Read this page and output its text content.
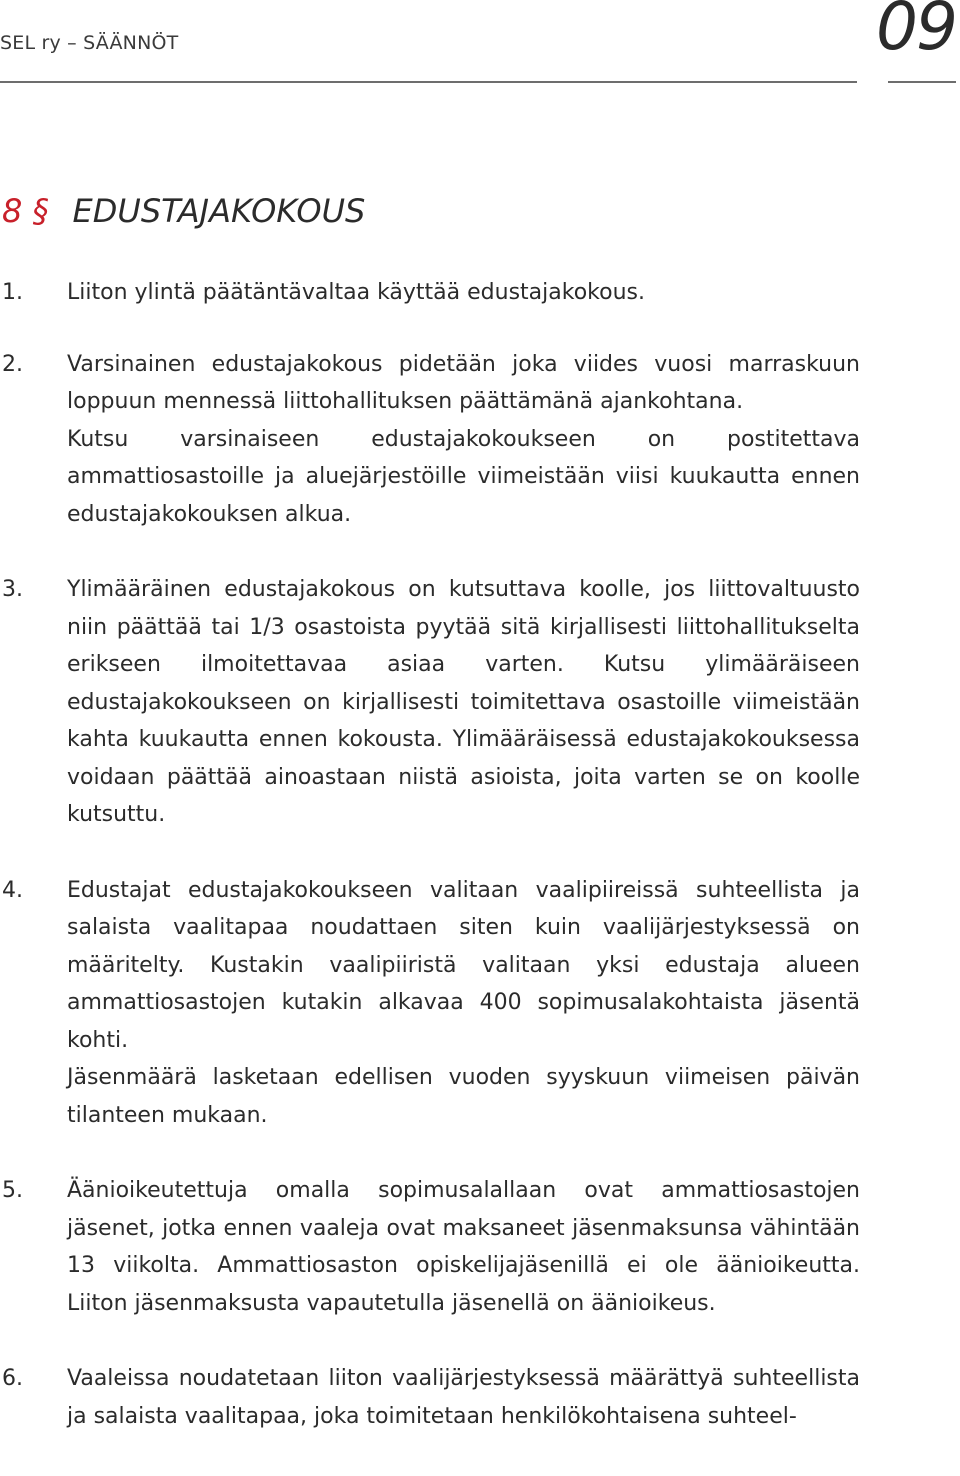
SEL ry – SÄÄNNÖT	09
8 § EDUSTAJAKOKOUS
1.	Liiton ylintä päätäntävaltaa käyttää edustajakokous.

2.	Varsinainen edustajakokous pidetään joka viides vuosi marraskuun loppuun mennessä liittohallituksen päättämänä ajankohtana.

Kutsu varsinaiseen edustajakokoukseen on postitettava ammattiosastoille ja aluejärjestöille viimeistään viisi kuukautta ennen edustajakokouksen alkua.

3.	Ylimääräinen edustajakokous on kutsuttava koolle, jos liittovaltuusto niin päättää tai 1/3 osastoista pyytää sitä kirjallisesti liittohallitukselta erikseen ilmoitettavaa asiaa varten. Kutsu ylimääräiseen edustajakokoukseen on kirjallisesti toimitettava osastoille viimeistään kahta kuukautta ennen kokousta. Ylimääräisessä edustajakokouksessa voidaan päättää ainoastaan niistä asioista, joita varten se on koolle kutsuttu.

4.	Edustajat edustajakokoukseen valitaan vaalipiireissä suhteellista ja salaista vaalitapaa noudattaen siten kuin vaalijärjestyksessä on määritelty. Kustakin vaalipiiristä valitaan yksi edustaja alueen ammattiosastojen kutakin alkavaa 400 sopimusalakohtaista jäsentä kohti.

Jäsenmäärä lasketaan edellisen vuoden syyskuun viimeisen päivän tilanteen mukaan.

5.	Äänioikeutettuja omalla sopimusalallaan ovat ammattiosastojen jäsenet, jotka ennen vaaleja ovat maksaneet jäsenmaksunsa vähintään 13 viikolta. Ammattiosaston opiskelijajäsenillä ei ole äänioikeutta. Liiton jäsenmaksusta vapautetulla jäsenellä on äänioikeus.

6.	Vaaleissa noudatetaan liiton vaalijärjestyksessä määrättyä suhteellista ja salaista vaalitapaa, joka toimitetaan henkilökohtaisena suhteel-
